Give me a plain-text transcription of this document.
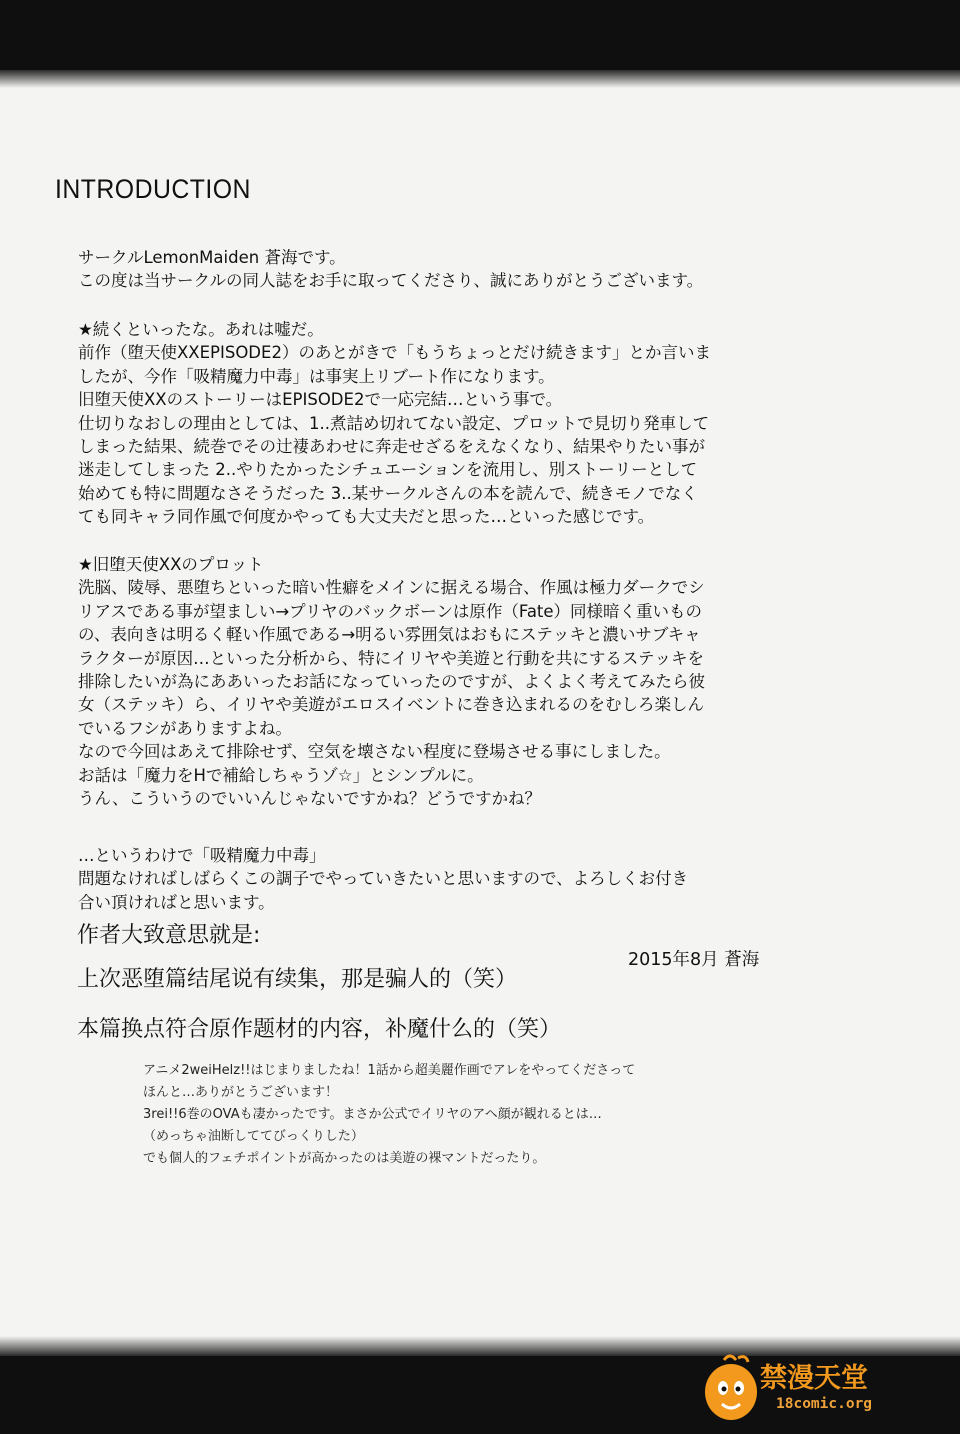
INTRODUCTION
サークルLemonMaiden 蒼海です。
この度は当サークルの同人誌をお手に取ってくださり、誠にありがとうございます。
★続くといったな。あれは嘘だ。
前作（堕天使XXEPISODE2）のあとがきで「もうちょっとだけ続きます」とか言いま
したが、今作「吸精魔力中毒」は事実上リブート作になります。
旧堕天使XXのストーリーはEPISODE2で一応完結…という事で。
仕切りなおしの理由としては、1..煮詰め切れてない設定、プロットで見切り発車して
しまった結果、続巻でその辻褄あわせに奔走せざるをえなくなり、結果やりたい事が
迷走してしまった 2..やりたかったシチュエーションを流用し、別ストーリーとして
始めても特に問題なさそうだった 3..某サークルさんの本を読んで、続きモノでなく
ても同キャラ同作風で何度かやっても大丈夫だと思った…といった感じです。
★旧堕天使XXのプロット
洗脳、陵辱、悪堕ちといった暗い性癖をメインに据える場合、作風は極力ダークでシ
リアスである事が望ましい→プリヤのバックボーンは原作（Fate）同様暗く重いもの
の、表向きは明るく軽い作風である→明るい雰囲気はおもにステッキと濃いサブキャ
ラクターが原因…といった分析から、特にイリヤや美遊と行動を共にするステッキを
排除したいが為にああいったお話になっていったのですが、よくよく考えてみたら彼
女（ステッキ）ら、イリヤや美遊がエロスイベントに巻き込まれるのをむしろ楽しん
でいるフシがありますよね。
なので今回はあえて排除せず、空気を壊さない程度に登場させる事にしました。
お話は「魔力をHで補給しちゃうゾ☆」とシンプルに。
うん、こういうのでいいんじゃないですかね？どうですかね？
…というわけで「吸精魔力中毒」
問題なければしばらくこの調子でやっていきたいと思いますので、よろしくお付き
合い頂ければと思います。
作者大致意思就是:
上次恶堕篇结尾说有续集，那是骗人的（笑）
本篇换点符合原作题材的内容，补魔什么的（笑）
2015年8月 蒼海
アニメ2weiHelz!!はじまりましたね！1話から超美麗作画でアレをやってくださって
ほんと…ありがとうございます！
3rei!!6巻のOVAも凄かったです。まさか公式でイリヤのアヘ顔が観れるとは…
（めっちゃ油断しててびっくりした）
でも個人的フェチポイントが高かったのは美遊の裸マントだったり。
禁漫天堂
18comic.org
